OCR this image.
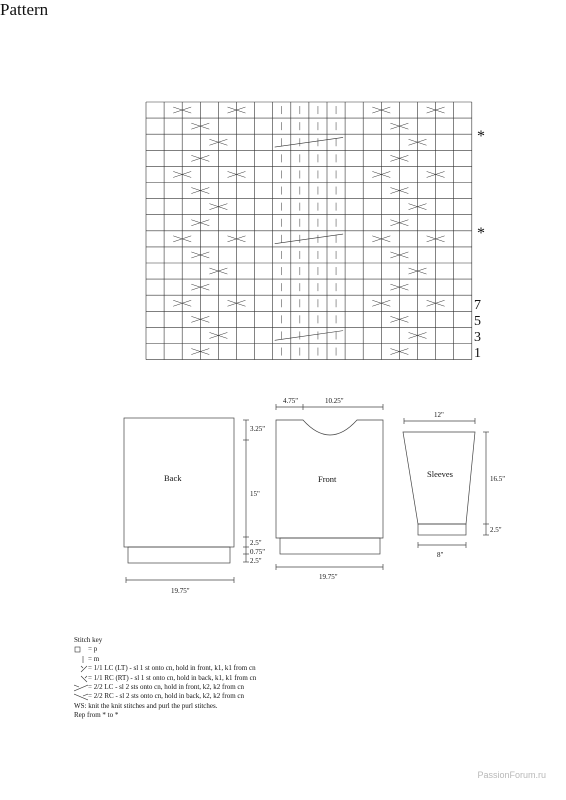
Pattern
*
*
7
5
3
1
Back
3.25"
15"
2.5"
0.75"
2.5"
19.75"
Front
4.75"	10.25"
19.75"
Sleeves
12"
16.5"
2.5"
8"
Stitch key
= p
= m
= 1/1 LC (LT) - sl 1 st onto cn, hold in front, k1, k1 from cn
= 1/1 RC (RT) - sl 1 st onto cn, hold in back, k1, k1 from cn
= 2/2 LC - sl 2 sts onto cn, hold in front, k2, k2 from cn
= 2/2 RC - sl 2 sts onto cn, hold in back, k2, k2 from cn
WS: knit the knit stitches and purl the purl stitches.
Rep from * to *
PassionForum.ru
